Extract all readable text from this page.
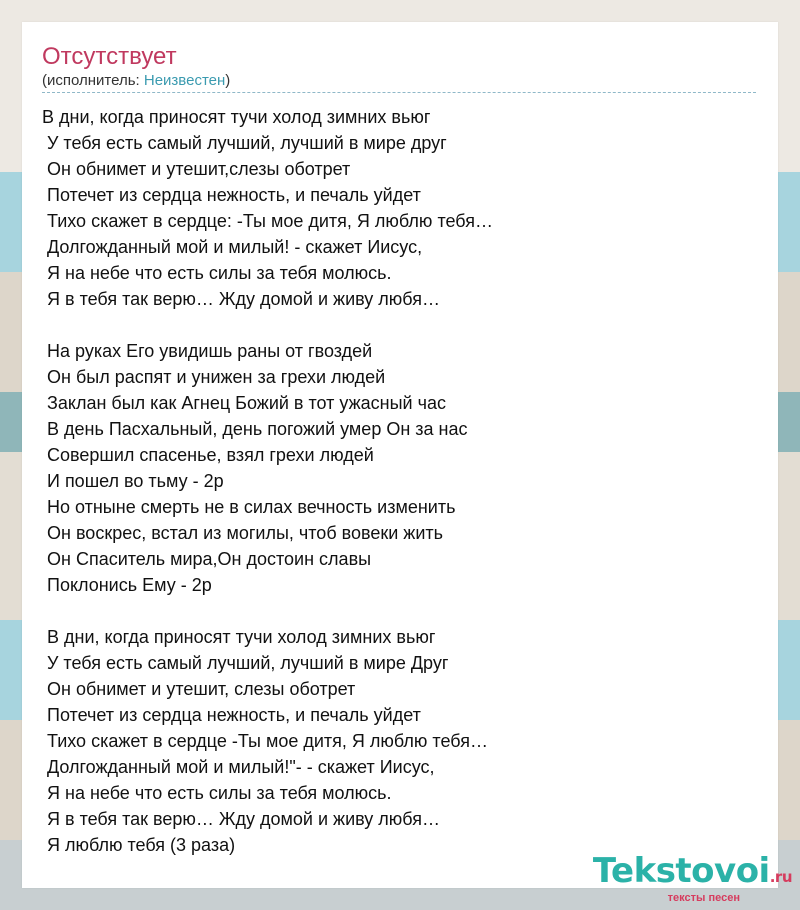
Отсутствует
(исполнитель: Неизвестен)
В дни, когда приносят тучи холод зимних вьюг
У тебя есть самый лучший, лучший в мире друг
Он обнимет и утешит,слезы оботрет
Потечет из сердца нежность, и печаль уйдет
Тихо скажет в сердце: -Ты мое дитя, Я люблю тебя…
Долгожданный мой и милый! - скажет Иисус,
Я на небе что есть силы за тебя молюсь.
Я в тебя так верю… Жду домой и живу любя…
На руках Его увидишь раны от гвоздей
Он был распят и унижен за грехи людей
Заклан был как Агнец Божий в тот ужасный час
В день Пасхальный, день погожий умер Он за нас
Совершил спасенье, взял грехи людей
И пошел во тьму - 2р
Но отныне смерть не в силах вечность изменить
Он воскрес, встал из могилы, чтоб вовеки жить
Он Спаситель мира,Он достоин славы
Поклонись Ему - 2р
В дни, когда приносят тучи холод зимних вьюг
У тебя есть самый лучший, лучший в мире Друг
Он обнимет и утешит, слезы оботрет
Потечет из сердца нежность, и печаль уйдет
Тихо скажет в сердце -Ты мое дитя, Я люблю тебя…
Долгожданный мой и милый!"- - скажет Иисус,
Я на небе что есть силы за тебя молюсь.
Я в тебя так верю… Жду домой и живу любя…
Я люблю тебя (3 раза)
Tekstovoi.ru
тексты песен
